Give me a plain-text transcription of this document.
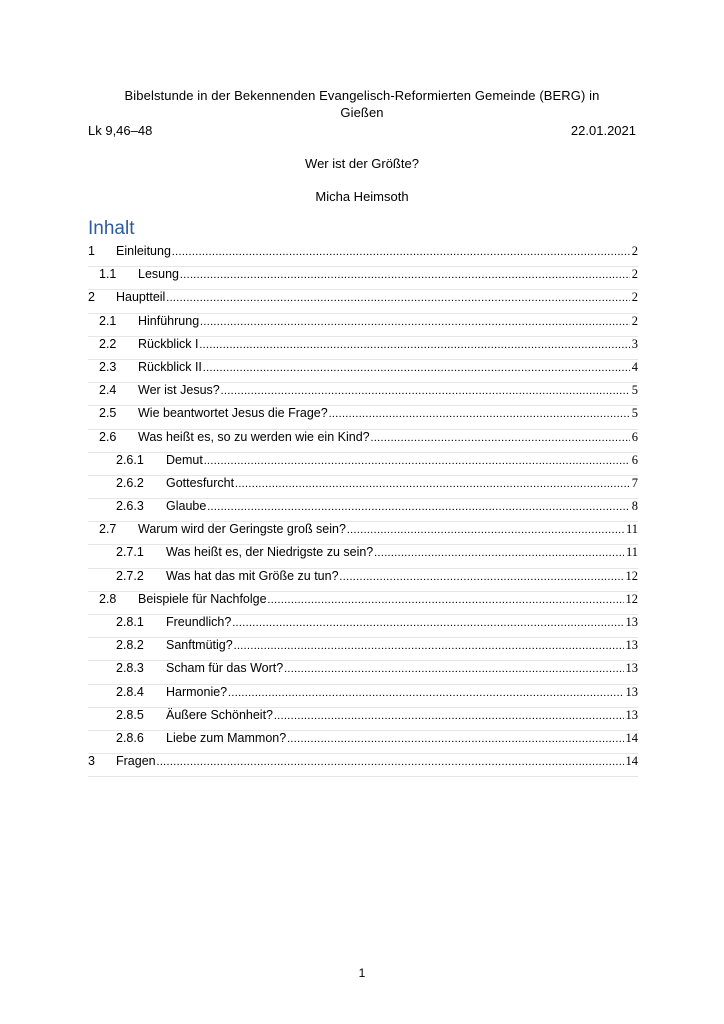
Bibelstunde in der Bekennenden Evangelisch-Reformierten Gemeinde (BERG) in
Gießen
Lk 9,46–48	22.01.2021
Wer ist der Größte?
Micha Heimsoth
Inhalt
1	Einleitung .....	2
1.1	Lesung .....	2
2	Hauptteil .....	2
2.1	Hinführung .....	2
2.2	Rückblick I .....	3
2.3	Rückblick II .....	4
2.4	Wer ist Jesus? .....	5
2.5	Wie beantwortet Jesus die Frage? .....	5
2.6	Was heißt es, so zu werden wie ein Kind? .....	6
2.6.1	Demut .....	6
2.6.2	Gottesfurcht .....	7
2.6.3	Glaube .....	8
2.7	Warum wird der Geringste groß sein? .....	11
2.7.1	Was heißt es, der Niedrigste zu sein? .....	11
2.7.2	Was hat das mit Größe zu tun? .....	12
2.8	Beispiele für Nachfolge .....	12
2.8.1	Freundlich? .....	13
2.8.2	Sanftmütig? .....	13
2.8.3	Scham für das Wort? .....	13
2.8.4	Harmonie? .....	13
2.8.5	Äußere Schönheit? .....	13
2.8.6	Liebe zum Mammon? .....	14
3	Fragen .....	14
1
